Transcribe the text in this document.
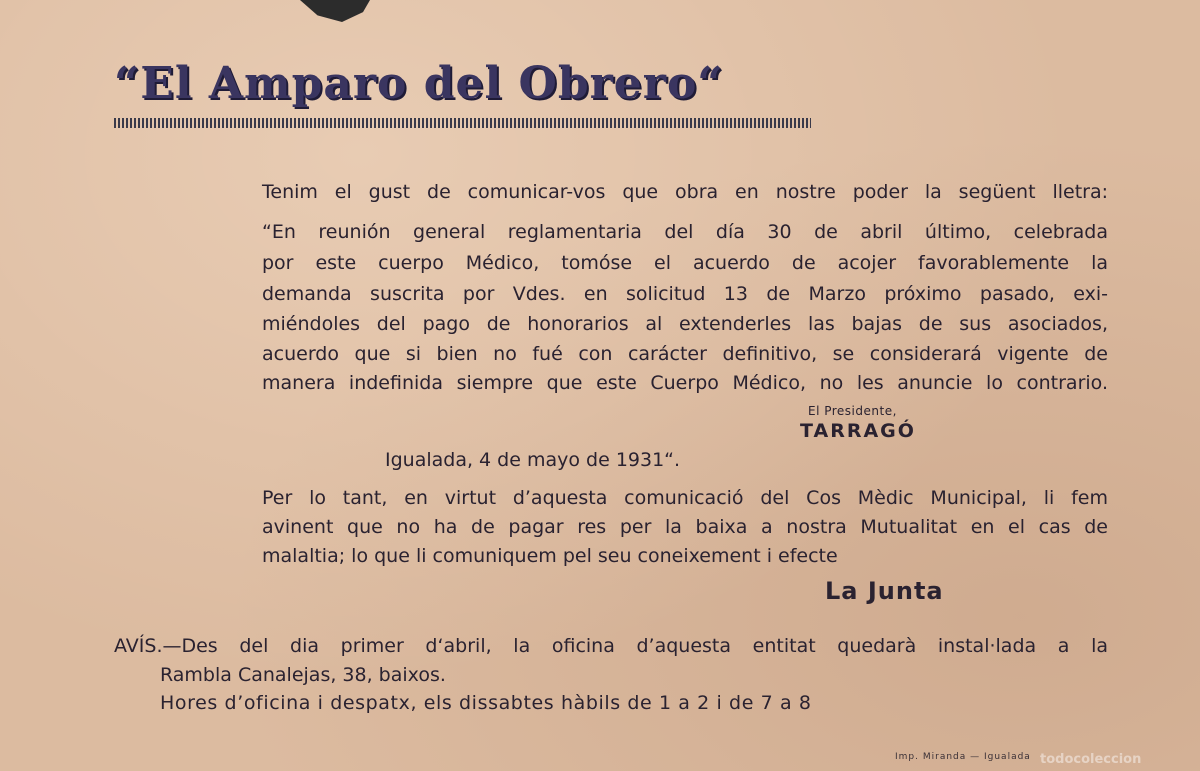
“El Amparo del Obrero“
Tenim el gust de comunicar-vos que obra en nostre poder la següent lletra:
“En reunión general reglamentaria del día 30 de abril último, celebrada
por este cuerpo Médico, tomóse el acuerdo de acojer favorablemente la
demanda suscrita por Vdes. en solicitud 13 de Marzo próximo pasado, exi-
miéndoles del pago de honorarios al extenderles las bajas de sus asociados,
acuerdo que si bien no fué con carácter definitivo, se considerará vigente de
manera indefinida siempre que este Cuerpo Médico, no les anuncie lo contrario.
El Presidente,
TARRAGÓ
Igualada, 4 de mayo de 1931“.
Per lo tant, en virtut d’aquesta comunicació del Cos Mèdic Municipal, li fem
avinent que no ha de pagar res per la baixa a nostra Mutualitat en el cas de
malaltia; lo que li comuniquem pel seu coneixement i efecte
La Junta
AVÍS.—Des del dia primer d‘abril, la oficina d’aquesta entitat quedarà instal·lada a la
Rambla Canalejas, 38, baixos.
Hores d’oficina i despatx, els dissabtes hàbils de 1 a 2 i de 7 a 8
Imp. Miranda — Igualada todocoleccion
